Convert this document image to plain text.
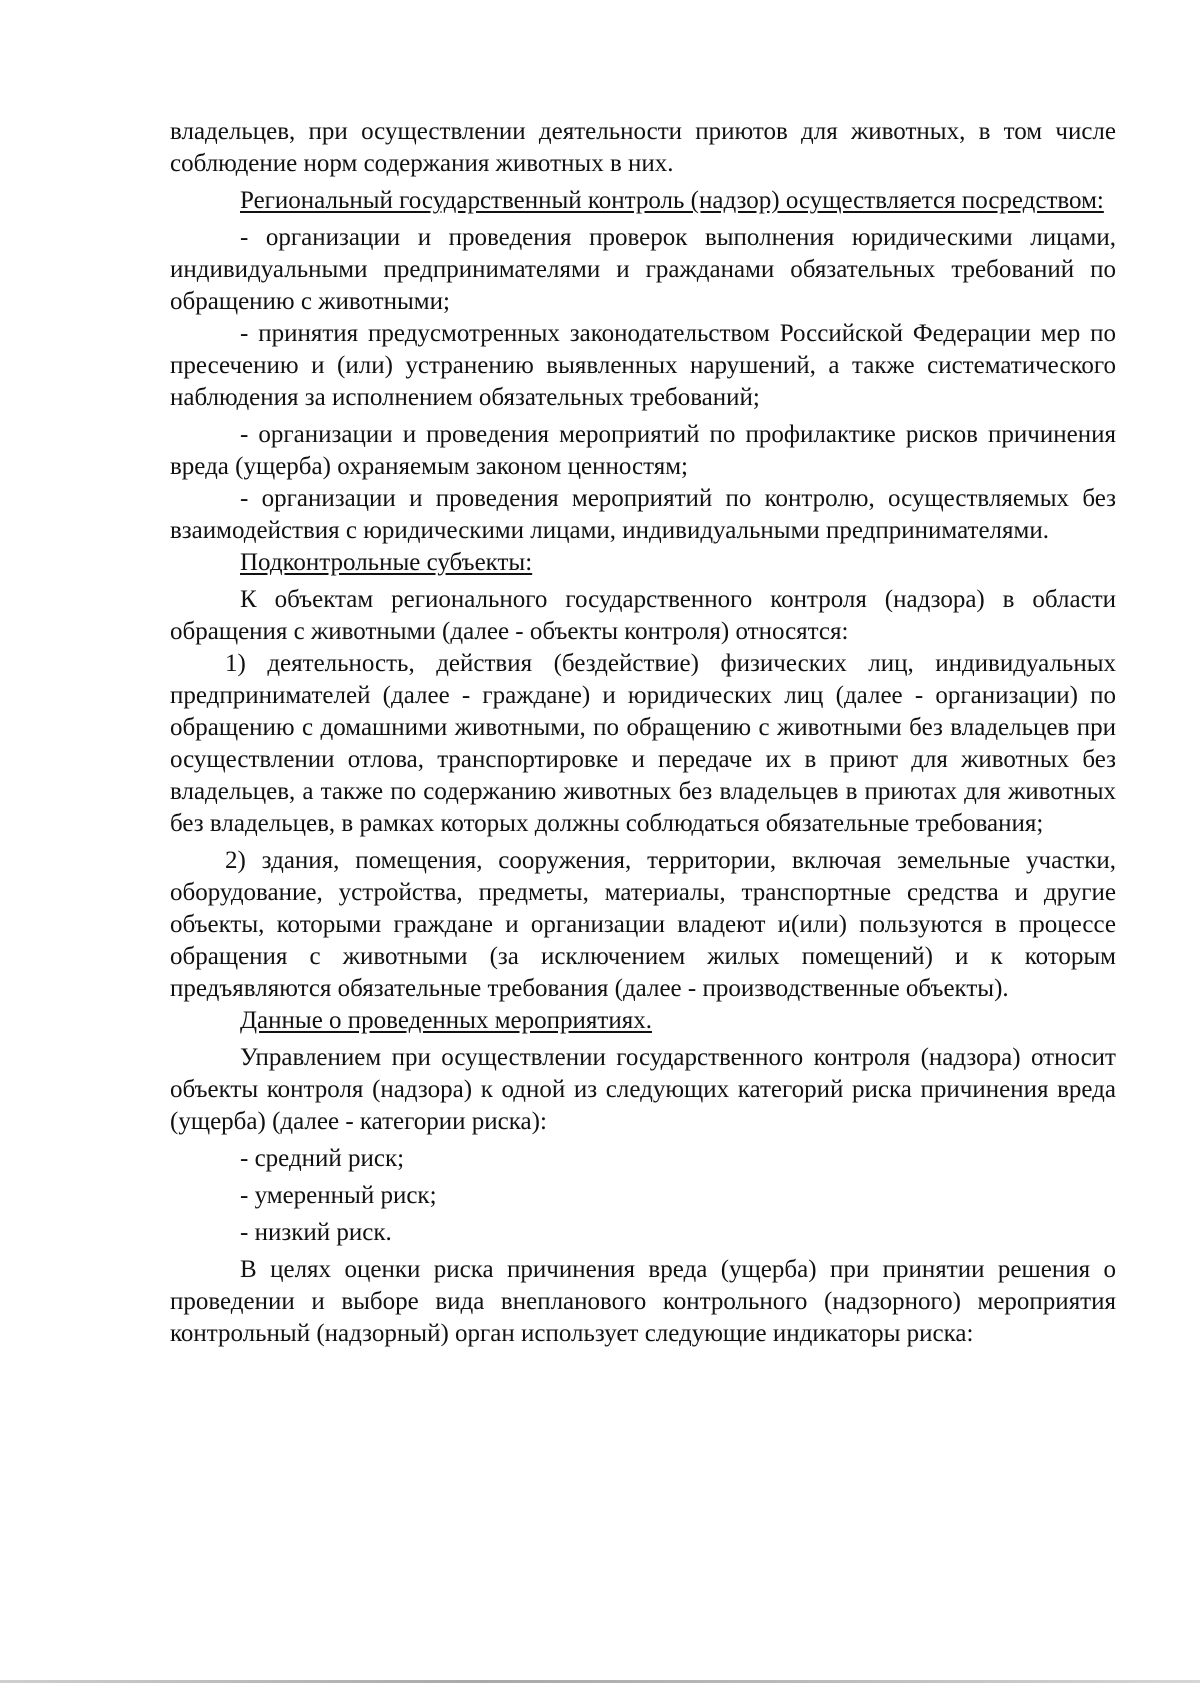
владельцев, при осуществлении деятельности приютов для животных, в том числе соблюдение норм содержания животных в них.

Региональный государственный контроль (надзор) осуществляется посредством:

- организации и проведения проверок выполнения юридическими лицами, индивидуальными предпринимателями и гражданами обязательных требований по обращению с животными;

- принятия предусмотренных законодательством Российской Федерации мер по пресечению и (или) устранению выявленных нарушений, а также систематического наблюдения за исполнением обязательных требований;

- организации и проведения мероприятий по профилактике рисков причинения вреда (ущерба) охраняемым законом ценностям;

- организации и проведения мероприятий по контролю, осуществляемых без взаимодействия с юридическими лицами, индивидуальными предпринимателями.

Подконтрольные субъекты:

К объектам регионального государственного контроля (надзора) в области обращения с животными (далее - объекты контроля) относятся:

1) деятельность, действия (бездействие) физических лиц, индивидуальных предпринимателей (далее - граждане) и юридических лиц (далее - организации) по обращению с домашними животными, по обращению с животными без владельцев при осуществлении отлова, транспортировке и передаче их в приют для животных без владельцев, а также по содержанию животных без владельцев в приютах для животных без владельцев, в рамках которых должны соблюдаться обязательные требования;

2) здания, помещения, сооружения, территории, включая земельные участки, оборудование, устройства, предметы, материалы, транспортные средства и другие объекты, которыми граждане и организации владеют и(или) пользуются в процессе обращения с животными (за исключением жилых помещений) и к которым предъявляются обязательные требования (далее - производственные объекты).

Данные о проведенных мероприятиях.

Управлением при осуществлении государственного контроля (надзора) относит объекты контроля (надзора) к одной из следующих категорий риска причинения вреда (ущерба) (далее - категории риска):

- средний риск;

- умеренный риск;

- низкий риск.

В целях оценки риска причинения вреда (ущерба) при принятии решения о проведении и выборе вида внепланового контрольного (надзорного) мероприятия контрольный (надзорный) орган использует следующие индикаторы риска:
